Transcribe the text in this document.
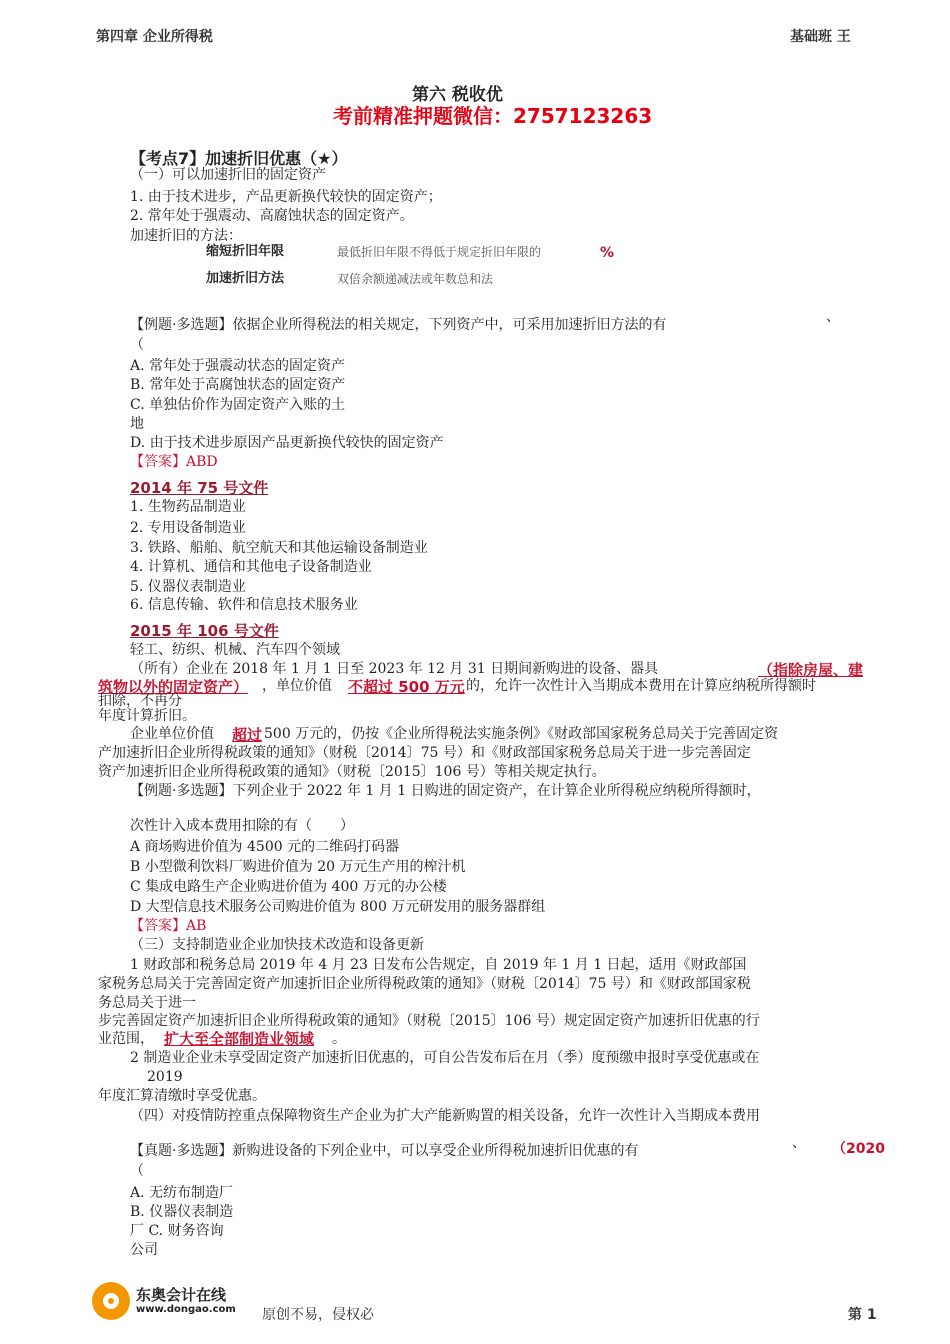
第四章 企业所得税	基础班 王
第六 税收优
考前精准押题微信：2757123263
【考点7】加速折旧优惠（★）
（一）可以加速折旧的固定资产
1. 由于技术进步，产品更新换代较快的固定资产；
2. 常年处于强震动、高腐蚀状态的固定资产。
加速折旧的方法：
缩短折旧年限	最低折旧年限不得低于规定折旧年限的	%
加速折旧方法	双倍余额递减法或年数总和法
【例题·多选题】依据企业所得税法的相关规定，下列资产中，可采用加速折旧方法的有	、
（
A. 常年处于强震动状态的固定资产
B. 常年处于高腐蚀状态的固定资产
C. 单独估价作为固定资产入账的土
地
D. 由于技术进步原因产品更新换代较快的固定资产
【答案】ABD
2014 年 75 号文件
1. 生物药品制造业
2. 专用设备制造业
3. 铁路、船舶、航空航天和其他运输设备制造业
4. 计算机、通信和其他电子设备制造业
5. 仪器仪表制造业
6. 信息传输、软件和信息技术服务业
2015 年 106 号文件
轻工、纺织、机械、汽车四个领域
（所有）企业在 2018 年 1 月 1 日至 2023 年 12 月 31 日期间新购进的设备、器具	（指除房屋、建
筑物以外的固定资产） ，单位价值 不超过 500 万元 的，允许一次性计入当期成本费用在计算应纳税所得额时
扣除，不再分
年度计算折旧。
企业单位价值 超过 500 万元的，仍按《企业所得税法实施条例》《财政部国家税务总局关于完善固定资
产加速折旧企业所得税政策的通知》（财税〔2014〕75 号）和《财政部国家税务总局关于进一步完善固定
资产加速折旧企业所得税政策的通知》（财税〔2015〕106 号）等相关规定执行。
【例题·多选题】下列企业于 2022 年 1 月 1 日购进的固定资产，在计算企业所得税应纳税所得额时，
次性计入成本费用扣除的有（　　）
A 商场购进价值为 4500 元的二维码打码器
B 小型微利饮料厂购进价值为 20 万元生产用的榨汁机
C 集成电路生产企业购进价值为 400 万元的办公楼
D 大型信息技术服务公司购进价值为 800 万元研发用的服务器群组
【答案】AB
（三）支持制造业企业加快技术改造和设备更新
1 财政部和税务总局 2019 年 4 月 23 日发布公告规定，自 2019 年 1 月 1 日起，适用《财政部国
家税务总局关于完善固定资产加速折旧企业所得税政策的通知》（财税〔2014〕75 号）和《财政部国家税
务总局关于进一
步完善固定资产加速折旧企业所得税政策的通知》（财税〔2015〕106 号）规定固定资产加速折旧优惠的行
业范围， 扩大至全部制造业领域 。
2 制造业企业未享受固定资产加速折旧优惠的，可自公告发布后在月（季）度预缴申报时享受优惠或在
2019
年度汇算清缴时享受优惠。
（四）对疫情防控重点保障物资生产企业为扩大产能新购置的相关设备，允许一次性计入当期成本费用
【真题·多选题】新购进设备的下列企业中，可以享受企业所得税加速折旧优惠的有	、 （2020
（
A. 无纺布制造厂
B. 仪器仪表制造
厂 C. 财务咨询
公司
东奥会计在线
www.dongao.com 原创不易，侵权必	第 1
